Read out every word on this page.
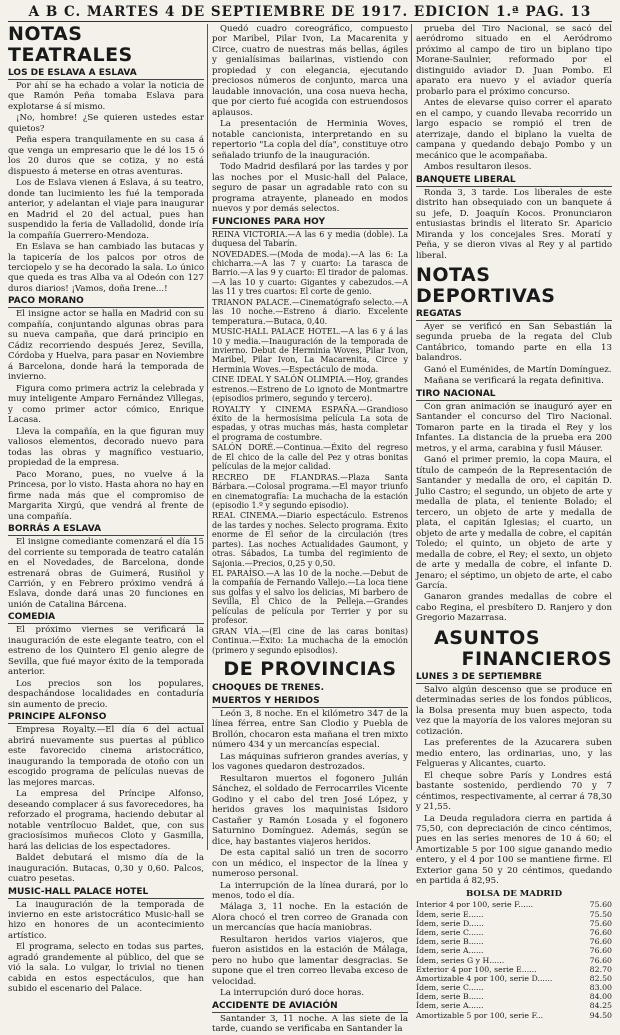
A B C. MARTES 4 DE SEPTIEMBRE DE 1917. EDICION 1.ª PAG. 13
NOTAS TEATRALES
LOS DE ESLAVA A ESLAVA

Por ahí se ha echado a volar la noticia de que Ramón Peña tomaba Eslava para explotarse á sí mismo.

¡No, hombre! ¿Se quieren ustedes estar quietos?

Peña espera tranquilamente en su casa á que venga un empresario que le dé los 15 ó los 20 duros que se cotiza, y no está dispuesto á meterse en otras aventuras.

Los de Eslava vienen á Eslava, á su teatro, donde tan lucimiento les fué la temporada anterior, y adelantan el viaje para inaugurar en Madrid el 20 del actual, pues han suspendido la feria de Valladolid, donde iría la compañía Guerrero-Mendoza.

En Eslava se han cambiado las butacas y la tapicería de los palcos por otros de terciopelo y se ha decorado la sala. Lo único que queda es tras Alba va al Odeón con 127 duros diarios! ¡Vamos, doña Irene...!

PACO MORANO

El insigne actor se halla en Madrid con su compañía, conjuntando algunas obras para su nueva campaña, que dará principio en Cádiz recorriendo después Jerez, Sevilla, Córdoba y Huelva, para pasar en Noviembre á Barcelona, donde hará la temporada de invierno.

Figura como primera actriz la celebrada y muy inteligente Amparo Fernández Villegas, y como primer actor cómico, Enrique Lacasa.

Lleva la compañía, en la que figuran muy valiosos elementos, decorado nuevo para todas las obras y magnífico vestuario, propiedad de la empresa.

Paco Morano, pues, no vuelve á la Princesa, por lo visto. Hasta ahora no hay en firme nada más que el compromiso de Margarita Xirgú, que vendrá al frente de una compañía.

BORRÁS A ESLAVA

El insigne comediante comenzará el día 15 del corriente su temporada de teatro catalán en el Novedades, de Barcelona, donde estrenará obras de Guimerá, Rusiñol y Carrión, y en Febrero próximo vendrá á Eslava, donde dará unas 20 funciones en unión de Catalina Bárcena.

COMEDIA

El próximo viernes se verificará la inauguración de este elegante teatro, con el estreno de los Quintero El genio alegre de Sevilla, que fué mayor éxito de la temporada anterior.

Los precios son los populares, despachándose localidades en contaduría sin aumento de precio.

PRINCIPE ALFONSO

Empresa Royalty.—El día 6 del actual abrirá nuevamente sus puertas al público este favorecido cinema aristocrático, inaugurando la temporada de otoño con un escogido programa de películas nuevas de las mejores marcas.

La empresa del Príncipe Alfonso, deseando complacer á sus favorecedores, ha reforzado el programa, haciendo debutar al notable ventrílocuo Baldet, que, con sus graciosísimos muñecos Cloto y Gasmilla, hará las delicias de los espectadores.

Baldet debutará el mismo día de la inauguración. Butacas, 0,30 y 0,60. Palcos, cuatro pesetas.

MUSIC-HALL PALACE HOTEL

La inauguración de la temporada de invierno en este aristocrático Music-hall se hizo en honores de un acontecimiento artístico.

El programa, selecto en todas sus partes, agradó grandemente al público, del que se vió la sala. Lo vulgar, lo trivial no tienen cabida en estos espectáculos, que han subido el escenario del Palace.

Quedó cuadro coreográfico, compuesto por Maribel, Pilar Ivon, La Macarenita y Circe, cuatro de nuestras más bellas, ágiles y genialísimas bailarinas, vistiendo con propiedad y con elegancia, ejecutando preciosos números de conjunto, marca una laudable innovación, una cosa nueva hecha, que por cierto fué acogida con estruendosos aplausos.

La presentación de Herminia Woves, notable cancionista, interpretando en su repertorio "La copla del día", constituye otro señalado triunfo de la inauguración.

Todo Madrid desfilará por las tardes y por las noches por el Music-hall del Palace, seguro de pasar un agradable rato con su programa atrayente, planeado en modos nuevos y por demás selectos.

FUNCIONES PARA HOY

REINA VICTORIA.—A las 6 y media (doble). La duquesa del Tabarín.

NOVEDADES.—(Moda de moda).—A las 6: La chicharra.—A las 7 y cuarto: La tarasca de Barrio.—A las 9 y cuarto: El tirador de palomas.—A las 10 y cuarto: Gigantes y cabezudos.—A las 11 y tres cuartos: El corte de genio.

TRIANON PALACE.—Cinematógrafo selecto.—A las 10 noche.—Estreno á diario. Excelente temperatura.—Butaca, 0,40.

MUSIC-HALL PALACE HOTEL.—A las 6 y á las 10 y media.—Inauguración de la temporada de invierno. Debut de Herminia Woves, Pilar Ivon, Maribel, Pilar Ivon, La Macarenita, Circe y Herminia Woves.—Espectáculo de moda.

CINE IDEAL Y SALÓN OLIMPIA.—Hoy, grandes estrenos.—Estreno de Lo ignoto de Montmartre (episodios primero, segundo y tercero).

ROYALTY Y CINEMA ESPAÑA.—Grandioso éxito de la hermosísima película La sota de espadas, y otras muchas más, hasta completar el programa de costumbre.

SALÓN DORÉ.—Continua.—Éxito del regreso de El chico de la calle del Pez y otras bonitas películas de la mejor calidad.

RECREO DE FLANDRAS.—Plaza Santa Bárbara.—Colosal programa.—El mayor triunfo en cinematografía: La muchacha de la estación (episodio 1.º y segundo episodio).

REAL CINEMA.—Diario espectáculo. Estrenos de las tardes y noches. Selecto programa. Éxito enorme de El señor de la circulación (tres partes). Las noches Actualidades Gaumont, y otras. Sábados, La tumba del regimiento de Sajonia.—Precios, 0,25 y 0,50.

EL PARAÍSO.—A las 10 de la noche.—Debut de la compañía de Fernando Vallejo.—La loca tiene sus golfas y el salvo los delicias, Mi barbero de Sevilla, El Chico de la Pelleja.—Grandes películas de película por Terrier y por su profesor.

GRAN VÍA.—(El cine de las caras bonitas) Continua.—Éxito: La muchacha de la emoción (primero y segundo episodios).

DE PROVINCIAS
CHOQUES DE TRENES.
MUERTOS Y HERIDOS

León 3, 8 noche. En el kilómetro 347 de la línea férrea, entre San Clodio y Puebla de Brollón, chocaron esta mañana el tren mixto número 434 y un mercancías especial.

Las máquinas sufrieron grandes averías, y los vagones quedaron destrozados.

Resultaron muertos el fogonero Julián Sánchez, el soldado de Ferrocarriles Vicente Godino y el cabo del tren José López, y heridos graves los maquinistas Isidoro Castañer y Ramón Losada y el fogonero Saturnino Domínguez. Además, según se dice, hay bastantes viajeros heridos.

De esta capital salió un tren de socorro con un médico, el inspector de la línea y numeroso personal.

La interrupción de la línea durará, por lo menos, todo el día.

Málaga 3, 11 noche. En la estación de Alora chocó el tren correo de Granada con un mercancías que hacía maniobras.

Resultaron heridos varios viajeros, que fueron asistidos en la estación de Málaga, pero no hubo que lamentar desgracias. Se supone que el tren correo llevaba exceso de velocidad.

La interrupción duró doce horas.

ACCIDENTE DE AVIACIÓN

Santander 3, 11 noche. A las siete de la tarde, cuando se verificaba en Santander la

prueba del Tiro Nacional, se sacó del aeródromo situado en el Aeródromo próximo al campo de tiro un biplano tipo Morane-Saulnier, reformado por el distinguido aviador D. Juan Pombo. El aparato era nuevo y el aviador quería probarlo para el próximo concurso.

Antes de elevarse quiso correr el aparato en el campo, y cuando llevaba recorrido un largo espacio se rompió el tren de aterrizaje, dando el biplano la vuelta de campana y quedando debajo Pombo y un mecánico que le acompañaba.

Ambos resultaron ilesos.

BANQUETE LIBERAL

Ronda 3, 3 tarde. Los liberales de este distrito han obsequiado con un banquete á su jefe, D. Joaquín Kocos. Pronunciaron entusiastas brindis el literato Sr. Aparicio Miranda y los concejales Sres. Moratí y Peña, y se dieron vivas al Rey y al partido liberal.

NOTAS DEPORTIVAS
REGATAS

Ayer se verificó en San Sebastián la segunda prueba de la regata del Club Cantábrico, tomando parte en ella 13 balandros.

Ganó el Euménides, de Martín Domínguez.

Mañana se verificará la regata definitiva.

TIRO NACIONAL

Con gran animación se inauguró ayer en Santander el concurso del Tiro Nacional. Tomaron parte en la tirada el Rey y los Infantes. La distancia de la prueba era 200 metros, y el arma, carabina y fusil Máuser.

Ganó el primer premio, la copa Maura, el título de campeón de la Representación de Santander y medalla de oro, el capitán D. Julio Castro; el segundo, un objeto de arte y medalla de plata, el teniente Bolado; el tercero, un objeto de arte y medalla de plata, el capitán Iglesias; el cuarto, un objeto de arte y medalla de cobre, el capitán Toledo; el quinto, un objeto de arte y medalla de cobre, el Rey; el sexto, un objeto de arte y medalla de cobre, el infante D. Jenaro; el séptimo, un objeto de arte, el cabo García.

Ganaron grandes medallas de cobre el cabo Regina, el presbítero D. Ranjero y don Gregorio Mazarrasa.

ASUNTOS
FINANCIEROS
LUNES 3 DE SEPTIEMBRE

Salvo algún descenso que se produce en determinadas series de los fondos públicos, la Bolsa presenta muy buen aspecto, toda vez que la mayoría de los valores mejoran su cotización.

Las preferentes de la Azucarera suben medio entero, las ordinarias, uno, y las Felgueras y Alicantes, cuarto.

El cheque sobre París y Londres está bastante sostenido, perdiendo 70 y 7 céntimos, respectivamente, al cerrar á 78,30 y 21,55.

La Deuda reguladora cierra en partida á 75,50, con depreciación de cinco céntimos, pues en las series menores de 10 á 60; el Amortizable 5 por 100 sigue ganando medio entero, y el 4 por 100 se mantiene firme. El Exterior gana 50 y 20 céntimos, quedando en partida á 82,95.

BOLSA DE MADRID
Interior 4 por 100, serie F......	75.60
Ídem, serie E......	75.50
Ídem, serie D......	75.60
Ídem, serie C......	76.60
Ídem, serie B......	76.60
Ídem, serie A......	76.60
Ídem, series G y H......	76.60
Exterior 4 por 100, serie E......	82.70
Amortizable 4 por 100, serie D......	82.50
Ídem, serie C......	83.00
Ídem, serie B......	84.00
Ídem, serie A......	84.25
Amortizable 5 por 100, serie F...	94.50
